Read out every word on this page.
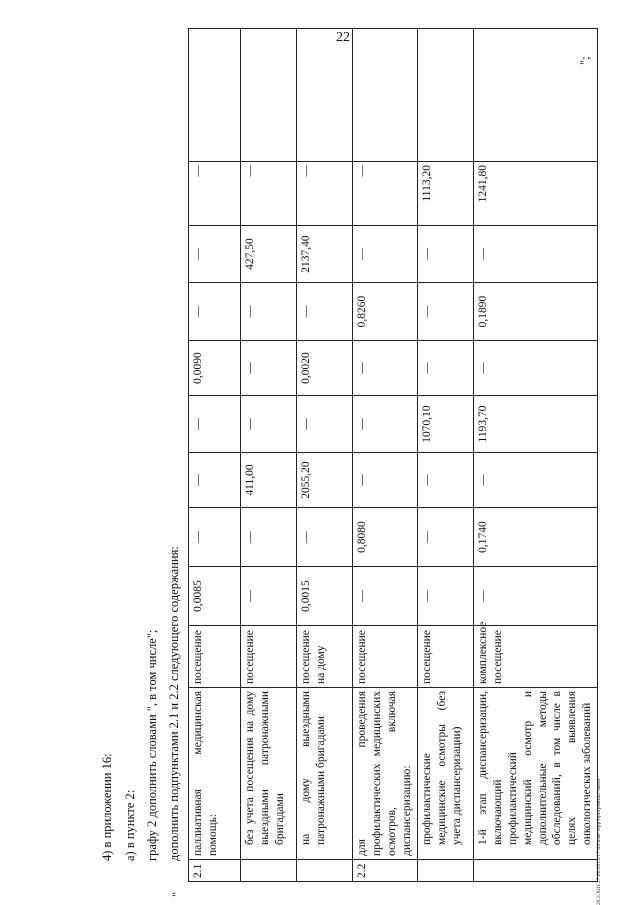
22
20.3.XIII/27.06.2019/17-46/изм-терр-программы-закон
4) в приложении 16: а) в пункте 2: графу 2 дополнить словами ", в том числе"; дополнить подпунктами 2.1 и 2.2 следующего содержания:
"
2.1	паллиативная медицинская помощь:	посещение	0,0085	—	—	—	0,0090	—	—	—	
	без учета посещения на дому выездными патронажными бригадами	посещение	—	—	411,00	—	—	—	427,50	—	
	на дому выездными патронажными бригадами	посещение на дому	0,0015	—	2055,20	—	0,0020	—	2137,40	—	
2.2	для проведения профилактических медицинских осмотров, включая диспансеризацию:	посещение	—	0,8080	—	—	—	0,8260	—	—	
	профилактические медицинские осмотры (без учета диспансеризации)	посещение	—	—	—	1070,10	—	—	—	1113,20	
	1-й этап диспансеризации, включающий профилактический медицинский осмотр и дополнительные методы обследований, в том числе в целях выявления онкологических заболеваний	комплексное посещение	—	0,1740	—	1193,70	—	0,1890	—	1241,80	
";
